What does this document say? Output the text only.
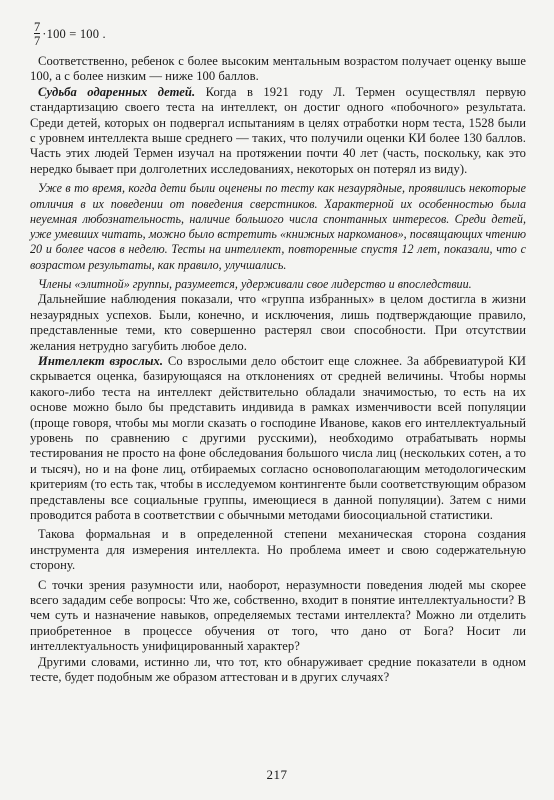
$\frac{7}{7} \cdot 100 = 100$ .

Соответственно, ребенок с более высоким ментальным возрастом получает оценку выше 100, а с более низким — ниже 100 баллов.

Судьба одаренных детей. Когда в 1921 году Л. Термен осуществлял первую стандартизацию своего теста на интеллект, он достиг одного «побочного» результата. Среди детей, которых он подвергал испытаниям в целях отработки норм теста, 1528 были с уровнем интеллекта выше среднего — таких, что получили оценки КИ более 130 баллов. Часть этих людей Термен изучал на протяжении почти 40 лет (часть, поскольку, как это нередко бывает при долголетних исследованиях, некоторых он потерял из виду).

Уже в то время, когда дети были оценены по тесту как незаурядные, проявились некоторые отличия в их поведении от поведения сверстников. Характерной их особенностью была неуемная любознательность, наличие большого числа спонтанных интересов. Среди детей, уже умевших читать, можно было встретить «книжных наркоманов», посвящающих чтению 20 и более часов в неделю. Тесты на интеллект, повторенные спустя 12 лет, показали, что с возрастом результаты, как правило, улучшались.

Члены «элитной» группы, разумеется, удерживали свое лидерство и впоследствии.

Дальнейшие наблюдения показали, что «группа избранных» в целом достигла в жизни незаурядных успехов. Были, конечно, и исключения, лишь подтверждающие правило, представленные теми, кто совершенно растерял свои способности. При отсутствии желания нетрудно загубить любое дело.

Интеллект взрослых. Со взрослыми дело обстоит еще сложнее. За аббревиатурой КИ скрывается оценка, базирующаяся на отклонениях от средней величины. Чтобы нормы какого-либо теста на интеллект действительно обладали значимостью, то есть на их основе можно было бы представить индивида в рамках изменчивости всей популяции (проще говоря, чтобы мы могли сказать о господине Иванове, каков его интеллектуальный уровень по сравнению с другими русскими), необходимо отрабатывать нормы тестирования не просто на фоне обследования большого числа лиц (нескольких сотен, а то и тысяч), но и на фоне лиц, отбираемых согласно основополагающим методологическим критериям (то есть так, чтобы в исследуемом контингенте были соответствующим образом представлены все социальные группы, имеющиеся в данной популяции). Затем с ними проводится работа в соответствии с обычными методами биосоциальной статистики.

Такова формальная и в определенной степени механическая сторона создания инструмента для измерения интеллекта. Но проблема имеет и свою содержательную сторону.

С точки зрения разумности или, наоборот, неразумности поведения людей мы скорее всего зададим себе вопросы: Что же, собственно, входит в понятие интеллектуальности? В чем суть и назначение навыков, определяемых тестами интеллекта? Можно ли отделить приобретенное в процессе обучения от того, что дано от Бога? Носит ли интеллектуальность унифицированный характер?

Другими словами, истинно ли, что тот, кто обнаруживает средние показатели в одном тесте, будет подобным же образом аттестован и в других случаях?

217
